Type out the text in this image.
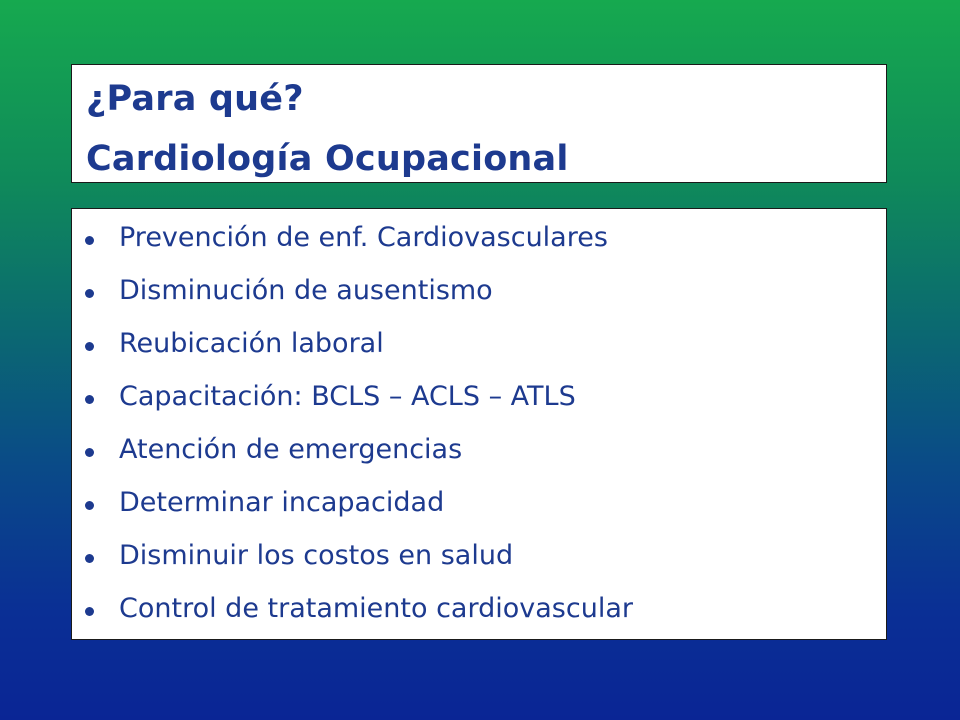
¿Para qué?
Cardiología Ocupacional
Prevención de enf. Cardiovasculares
Disminución de ausentismo
Reubicación laboral
Capacitación: BCLS – ACLS – ATLS
Atención de emergencias
Determinar incapacidad
Disminuir los costos en salud
Control de tratamiento cardiovascular
